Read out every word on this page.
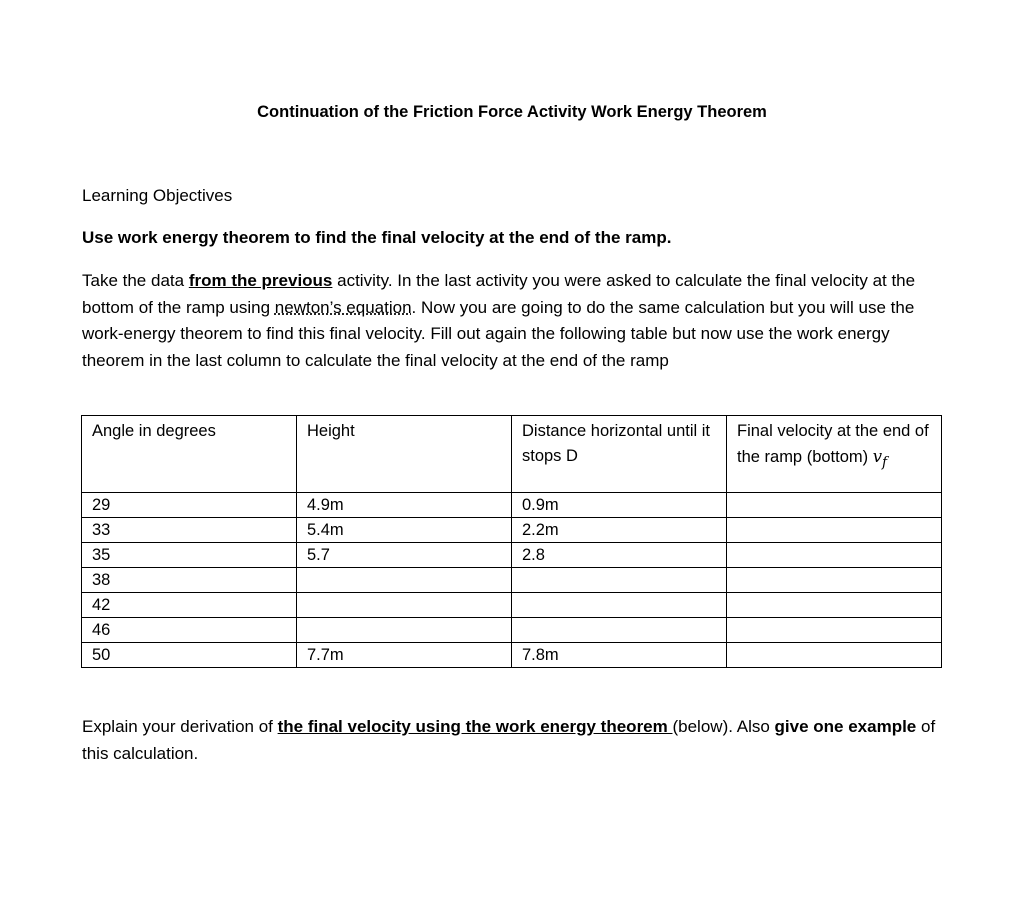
Continuation of the Friction Force Activity Work Energy Theorem
Learning Objectives
Use work energy theorem to find the final velocity at the end of the ramp.
Take the data from the previous activity. In the last activity you were asked to calculate the final velocity at the bottom of the ramp using newton’s equation. Now you are going to do the same calculation but you will use the work-energy theorem to find this final velocity. Fill out again the following table but now use the work energy theorem in the last column to calculate the final velocity at the end of the ramp
Angle in degrees	Height	Distance horizontal until it stops D	Final velocity at the end of the ramp (bottom) $v_f$
29	4.9m	0.9m	
33	5.4m	2.2m	
35	5.7	2.8	
38			
42			
46			
50	7.7m	7.8m	
Explain your derivation of the final velocity using the work energy theorem (below). Also give one example of this calculation.
